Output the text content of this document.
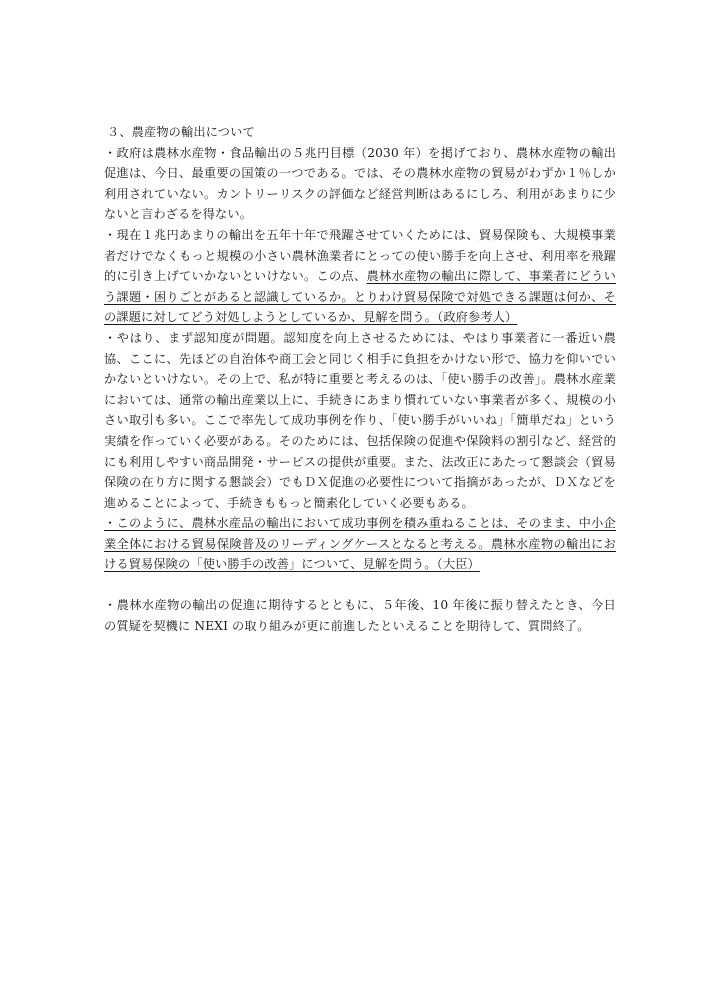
３、農産物の輸出について

・政府は農林水産物・食品輸出の５兆円目標（2030 年）を掲げており、農林水産物の輸出促進は、今日、最重要の国策の一つである。では、その農林水産物の貿易がわずか１％しか利用されていない。カントリーリスクの評価など経営判断はあるにしろ、利用があまりに少ないと言わざるを得ない。

・現在１兆円あまりの輸出を五年十年で飛躍させていくためには、貿易保険も、大規模事業者だけでなくもっと規模の小さい農林漁業者にとっての使い勝手を向上させ、利用率を飛躍的に引き上げていかないといけない。この点、農林水産物の輸出に際して、事業者にどういう課題・困りごとがあると認識しているか。とりわけ貿易保険で対処できる課題は何か、その課題に対してどう対処しようとしているか、見解を問う。（政府参考人）

・やはり、まず認知度が問題。認知度を向上させるためには、やはり事業者に一番近い農協、ここに、先ほどの自治体や商工会と同じく相手に負担をかけない形で、協力を仰いでいかないといけない。その上で、私が特に重要と考えるのは、「使い勝手の改善」。農林水産業においては、通常の輸出産業以上に、手続きにあまり慣れていない事業者が多く、規模の小さい取引も多い。ここで率先して成功事例を作り、「使い勝手がいいね」「簡単だね」という実績を作っていく必要がある。そのためには、包括保険の促進や保険料の割引など、経営的にも利用しやすい商品開発・サービスの提供が重要。また、法改正にあたって懇談会（貿易保険の在り方に関する懇談会）でもＤＸ促進の必要性について指摘があったが、ＤＸなどを進めることによって、手続きももっと簡素化していく必要もある。

・このように、農林水産品の輸出において成功事例を積み重ねることは、そのまま、中小企業全体における貿易保険普及のリーディングケースとなると考える。農林水産物の輸出における貿易保険の「使い勝手の改善」について、見解を問う。（大臣）

・農林水産物の輸出の促進に期待するとともに、５年後、10 年後に振り替えたとき、今日の質疑を契機に NEXI の取り組みが更に前進したといえることを期待して、質問終了。
